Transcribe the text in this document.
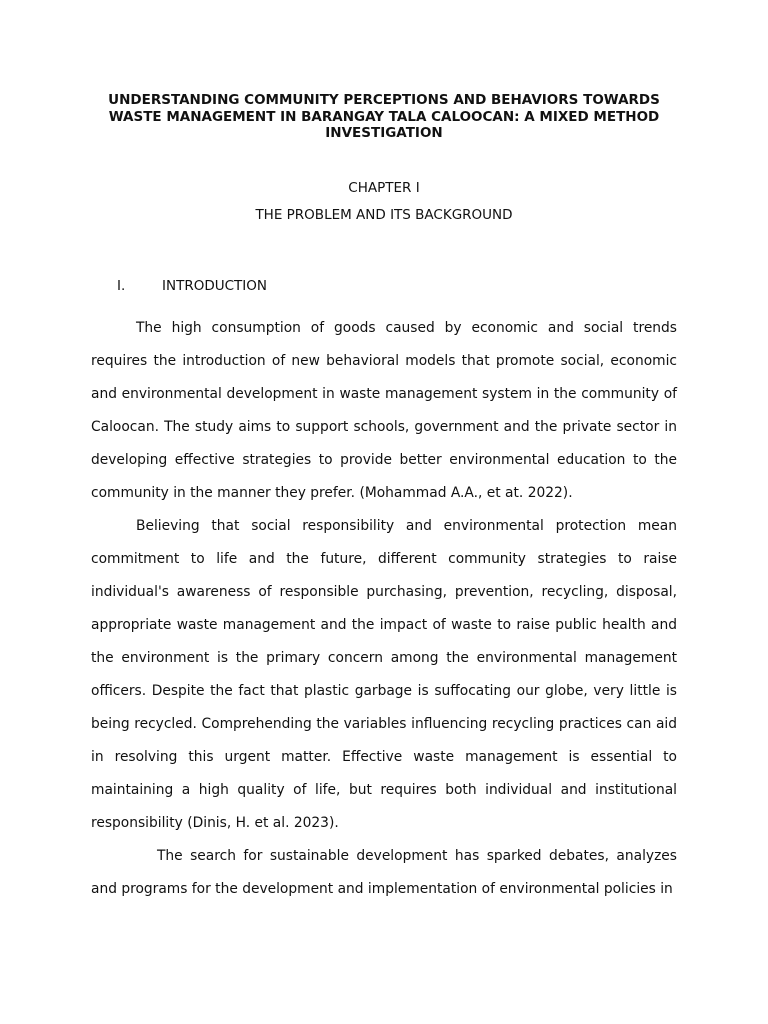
UNDERSTANDING COMMUNITY PERCEPTIONS AND BEHAVIORS TOWARDS WASTE MANAGEMENT IN BARANGAY TALA CALOOCAN: A MIXED METHOD INVESTIGATION

CHAPTER I

THE PROBLEM AND ITS BACKGROUND

I.	INTRODUCTION

The high consumption of goods caused by economic and social trends requires the introduction of new behavioral models that promote social, economic and environmental development in waste management system in the community of Caloocan. The study aims to support schools, government and the private sector in developing effective strategies to provide better environmental education to the community in the manner they prefer. (Mohammad A.A., et at. 2022).

Believing that social responsibility and environmental protection mean commitment to life and the future, different community strategies to raise individual's awareness of responsible purchasing, prevention, recycling, disposal, appropriate waste management and the impact of waste to raise public health and the environment is the primary concern among the environmental management officers. Despite the fact that plastic garbage is suffocating our globe, very little is being recycled. Comprehending the variables influencing recycling practices can aid in resolving this urgent matter. Effective waste management is essential to maintaining a high quality of life, but requires both individual and institutional responsibility (Dinis, H. et al. 2023).

The search for sustainable development has sparked debates, analyzes and programs for the development and implementation of environmental policies in
